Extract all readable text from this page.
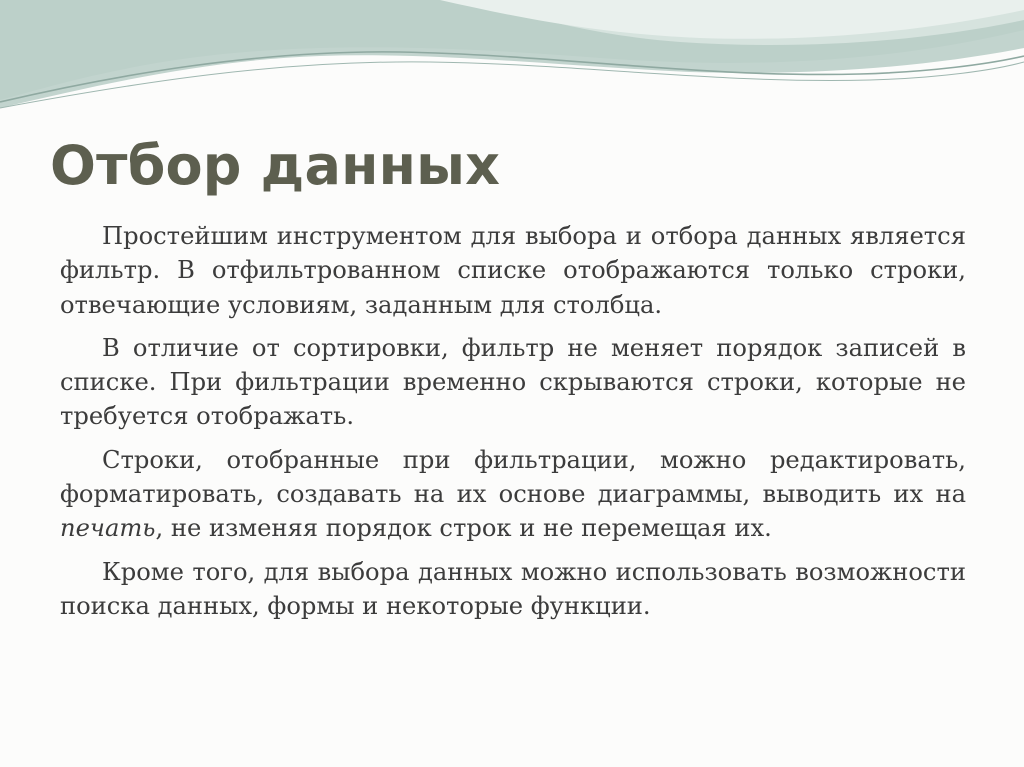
Отбор данных

Простейшим инструментом для выбора и отбора данных является фильтр. В отфильтрованном списке отображаются только строки, отвечающие условиям, заданным для столбца.

В отличие от сортировки, фильтр не меняет порядок записей в списке. При фильтрации временно скрываются строки, которые не требуется отображать.

Строки, отобранные при фильтрации, можно редактировать, форматировать, создавать на их основе диаграммы, выводить их на печать, не изменяя порядок строк и не перемещая их.

Кроме того, для выбора данных можно использовать возможности поиска данных, формы и некоторые функции.
